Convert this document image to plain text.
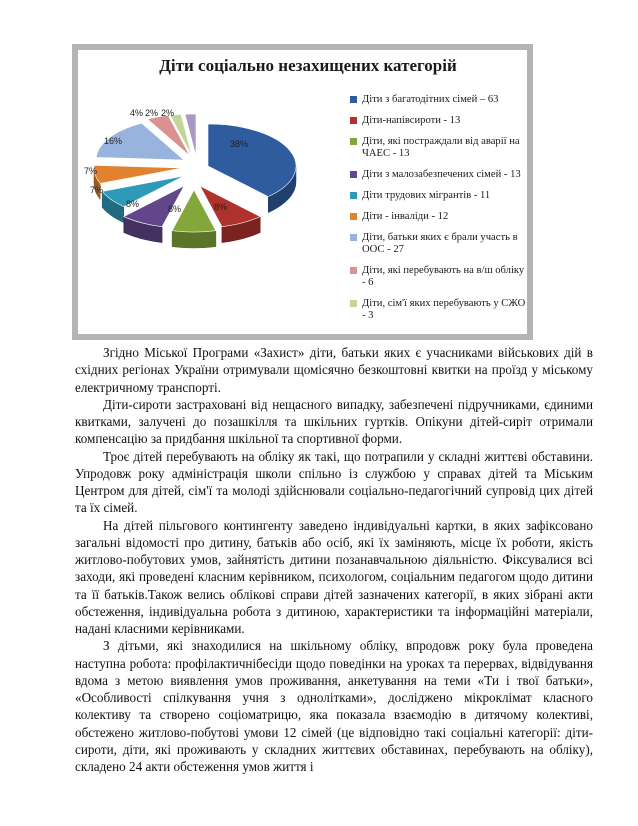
Діти соціально незахищених категорій
38%
8%
8%
8%
7%
7%
16%
4% 2% 2%
Діти з багатодітних сімей – 63
Діти-напівсироти - 13
Діти, які постраждали від аварії на ЧАЕС - 13
Діти з малозабезпечених сімей - 13
Діти трудових мігрантів - 11
Діти - інваліди - 12
Діти, батьки яких є брали участь в ООС - 27
Діти, які перебувають на в/ш обліку - 6
Діти, сім'ї яких перебувають у СЖО - 3

Згідно Міської Програми «Захист» діти, батьки яких є учасниками військових дій в східних регіонах України отримували щомісячно безкоштовні квитки на проїзд у міському електричному транспорті.

Діти-сироти застраховані від нещасного випадку, забезпечені підручниками, єдиними квитками, залучені до позашкілля та шкільних гуртків. Опікуни дітей-сиріт отримали компенсацію за придбання шкільної та спортивної форми.

Троє дітей перебувають на обліку як такі, що потрапили у складні життєві обставини. Упродовж року адміністрація школи спільно із службою у справах дітей та Міським Центром для дітей, сім'ї та молоді здійснювали соціально-педагогічний супровід цих дітей та їх сімей.

На дітей пільгового контингенту заведено індивідуальні картки, в яких зафіксовано загальні відомості про дитину, батьків або осіб, які їх заміняють, місце їх роботи, якість житлово-побутових умов, зайнятість дитини позанавчальною діяльністю. Фіксувалися всі заходи, які проведені класним керівником, психологом, соціальним педагогом щодо дитини та її батьків.Також велись облікові справи дітей зазначених категорії, в яких зібрані акти обстеження, індивідуальна робота з дитиною, характеристики та інформаційні матеріали, надані класними керівниками.

З дітьми, які знаходилися на шкільному обліку, впродовж року була проведена наступна робота: профілактичнібесіди щодо поведінки на уроках та перервах, відвідування вдома з метою виявлення умов проживання, анкетування на теми «Ти і твої батьки», «Особливості спілкування учня з однолітками», досліджено мікроклімат класного колективу та створено соціоматрицю, яка показала взаємодію в дитячому колективі, обстежено житлово-побутові умови 12 сімей (це відповідно такі соціальні категорії: діти-сироти, діти, які проживають у складних життєвих обставинах, перебувають на обліку), складено 24 акти обстеження умов життя і
